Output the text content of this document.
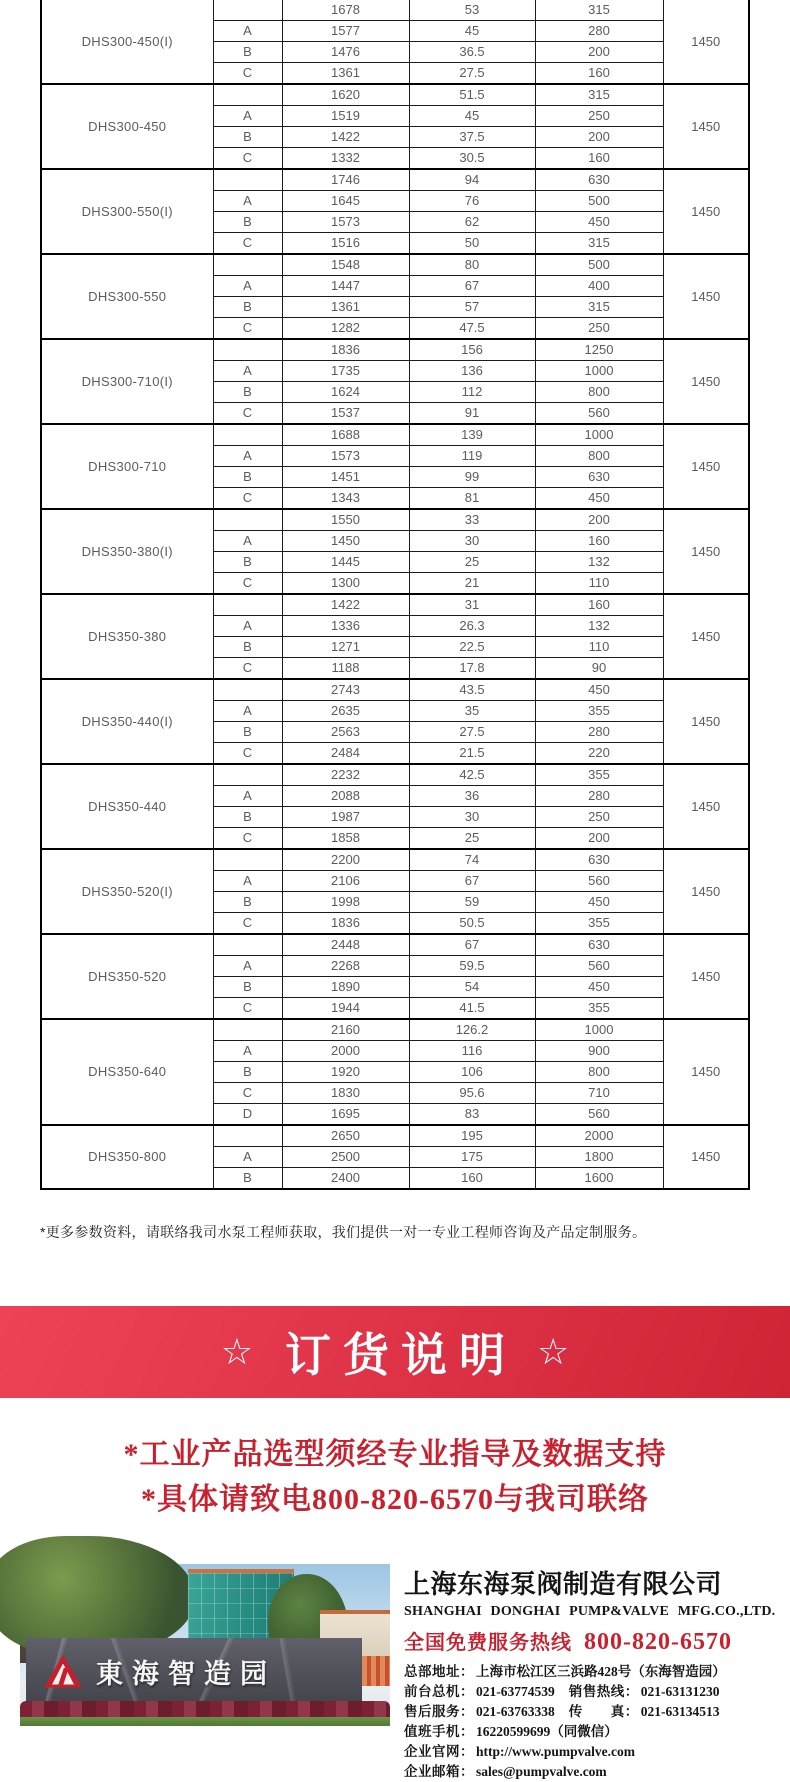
DHS300-450(I)		1678	53	315	1450
	A	1577	45	280	
	B	1476	36.5	200	
	C	1361	27.5	160	
DHS300-450		1620	51.5	315	1450
	A	1519	45	250	
	B	1422	37.5	200	
	C	1332	30.5	160	
DHS300-550(I)		1746	94	630	1450
	A	1645	76	500	
	B	1573	62	450	
	C	1516	50	315	
DHS300-550		1548	80	500	1450
	A	1447	67	400	
	B	1361	57	315	
	C	1282	47.5	250	
DHS300-710(I)		1836	156	1250	1450
	A	1735	136	1000	
	B	1624	112	800	
	C	1537	91	560	
DHS300-710		1688	139	1000	1450
	A	1573	119	800	
	B	1451	99	630	
	C	1343	81	450	
DHS350-380(I)		1550	33	200	1450
	A	1450	30	160	
	B	1445	25	132	
	C	1300	21	110	
DHS350-380		1422	31	160	1450
	A	1336	26.3	132	
	B	1271	22.5	110	
	C	1188	17.8	90	
DHS350-440(I)		2743	43.5	450	1450
	A	2635	35	355	
	B	2563	27.5	280	
	C	2484	21.5	220	
DHS350-440		2232	42.5	355	1450
	A	2088	36	280	
	B	1987	30	250	
	C	1858	25	200	
DHS350-520(I)		2200	74	630	1450
	A	2106	67	560	
	B	1998	59	450	
	C	1836	50.5	355	
DHS350-520		2448	67	630	1450
	A	2268	59.5	560	
	B	1890	54	450	
	C	1944	41.5	355	
DHS350-640		2160	126.2	1000	1450
	A	2000	116	900	
	B	1920	106	800	
	C	1830	95.6	710	
	D	1695	83	560	
DHS350-800		2650	195	2000	1450
	A	2500	175	1800	
	B	2400	160	1600	

*更多参数资料，请联络我司水泵工程师获取，我们提供一对一专业工程师咨询及产品定制服务。

☆ 订货说明 ☆
*工业产品选型须经专业指导及数据支持
*具体请致电800-820-6570与我司联络
東海智造园
上海东海泵阀制造有限公司
SHANGHAI DONGHAI PUMP&VALVE MFG.CO.,LTD.
全国免费服务热线 800-820-6570
总部地址： 上海市松江区三浜路428号（东海智造园）
前台总机： 021-63774539 销售热线： 021-63131230
售后服务： 021-63763338 传　　真： 021-63134513
值班手机： 16220599699（同微信）
企业官网： http://www.pumpvalve.com
企业邮箱： sales@pumpvalve.com
